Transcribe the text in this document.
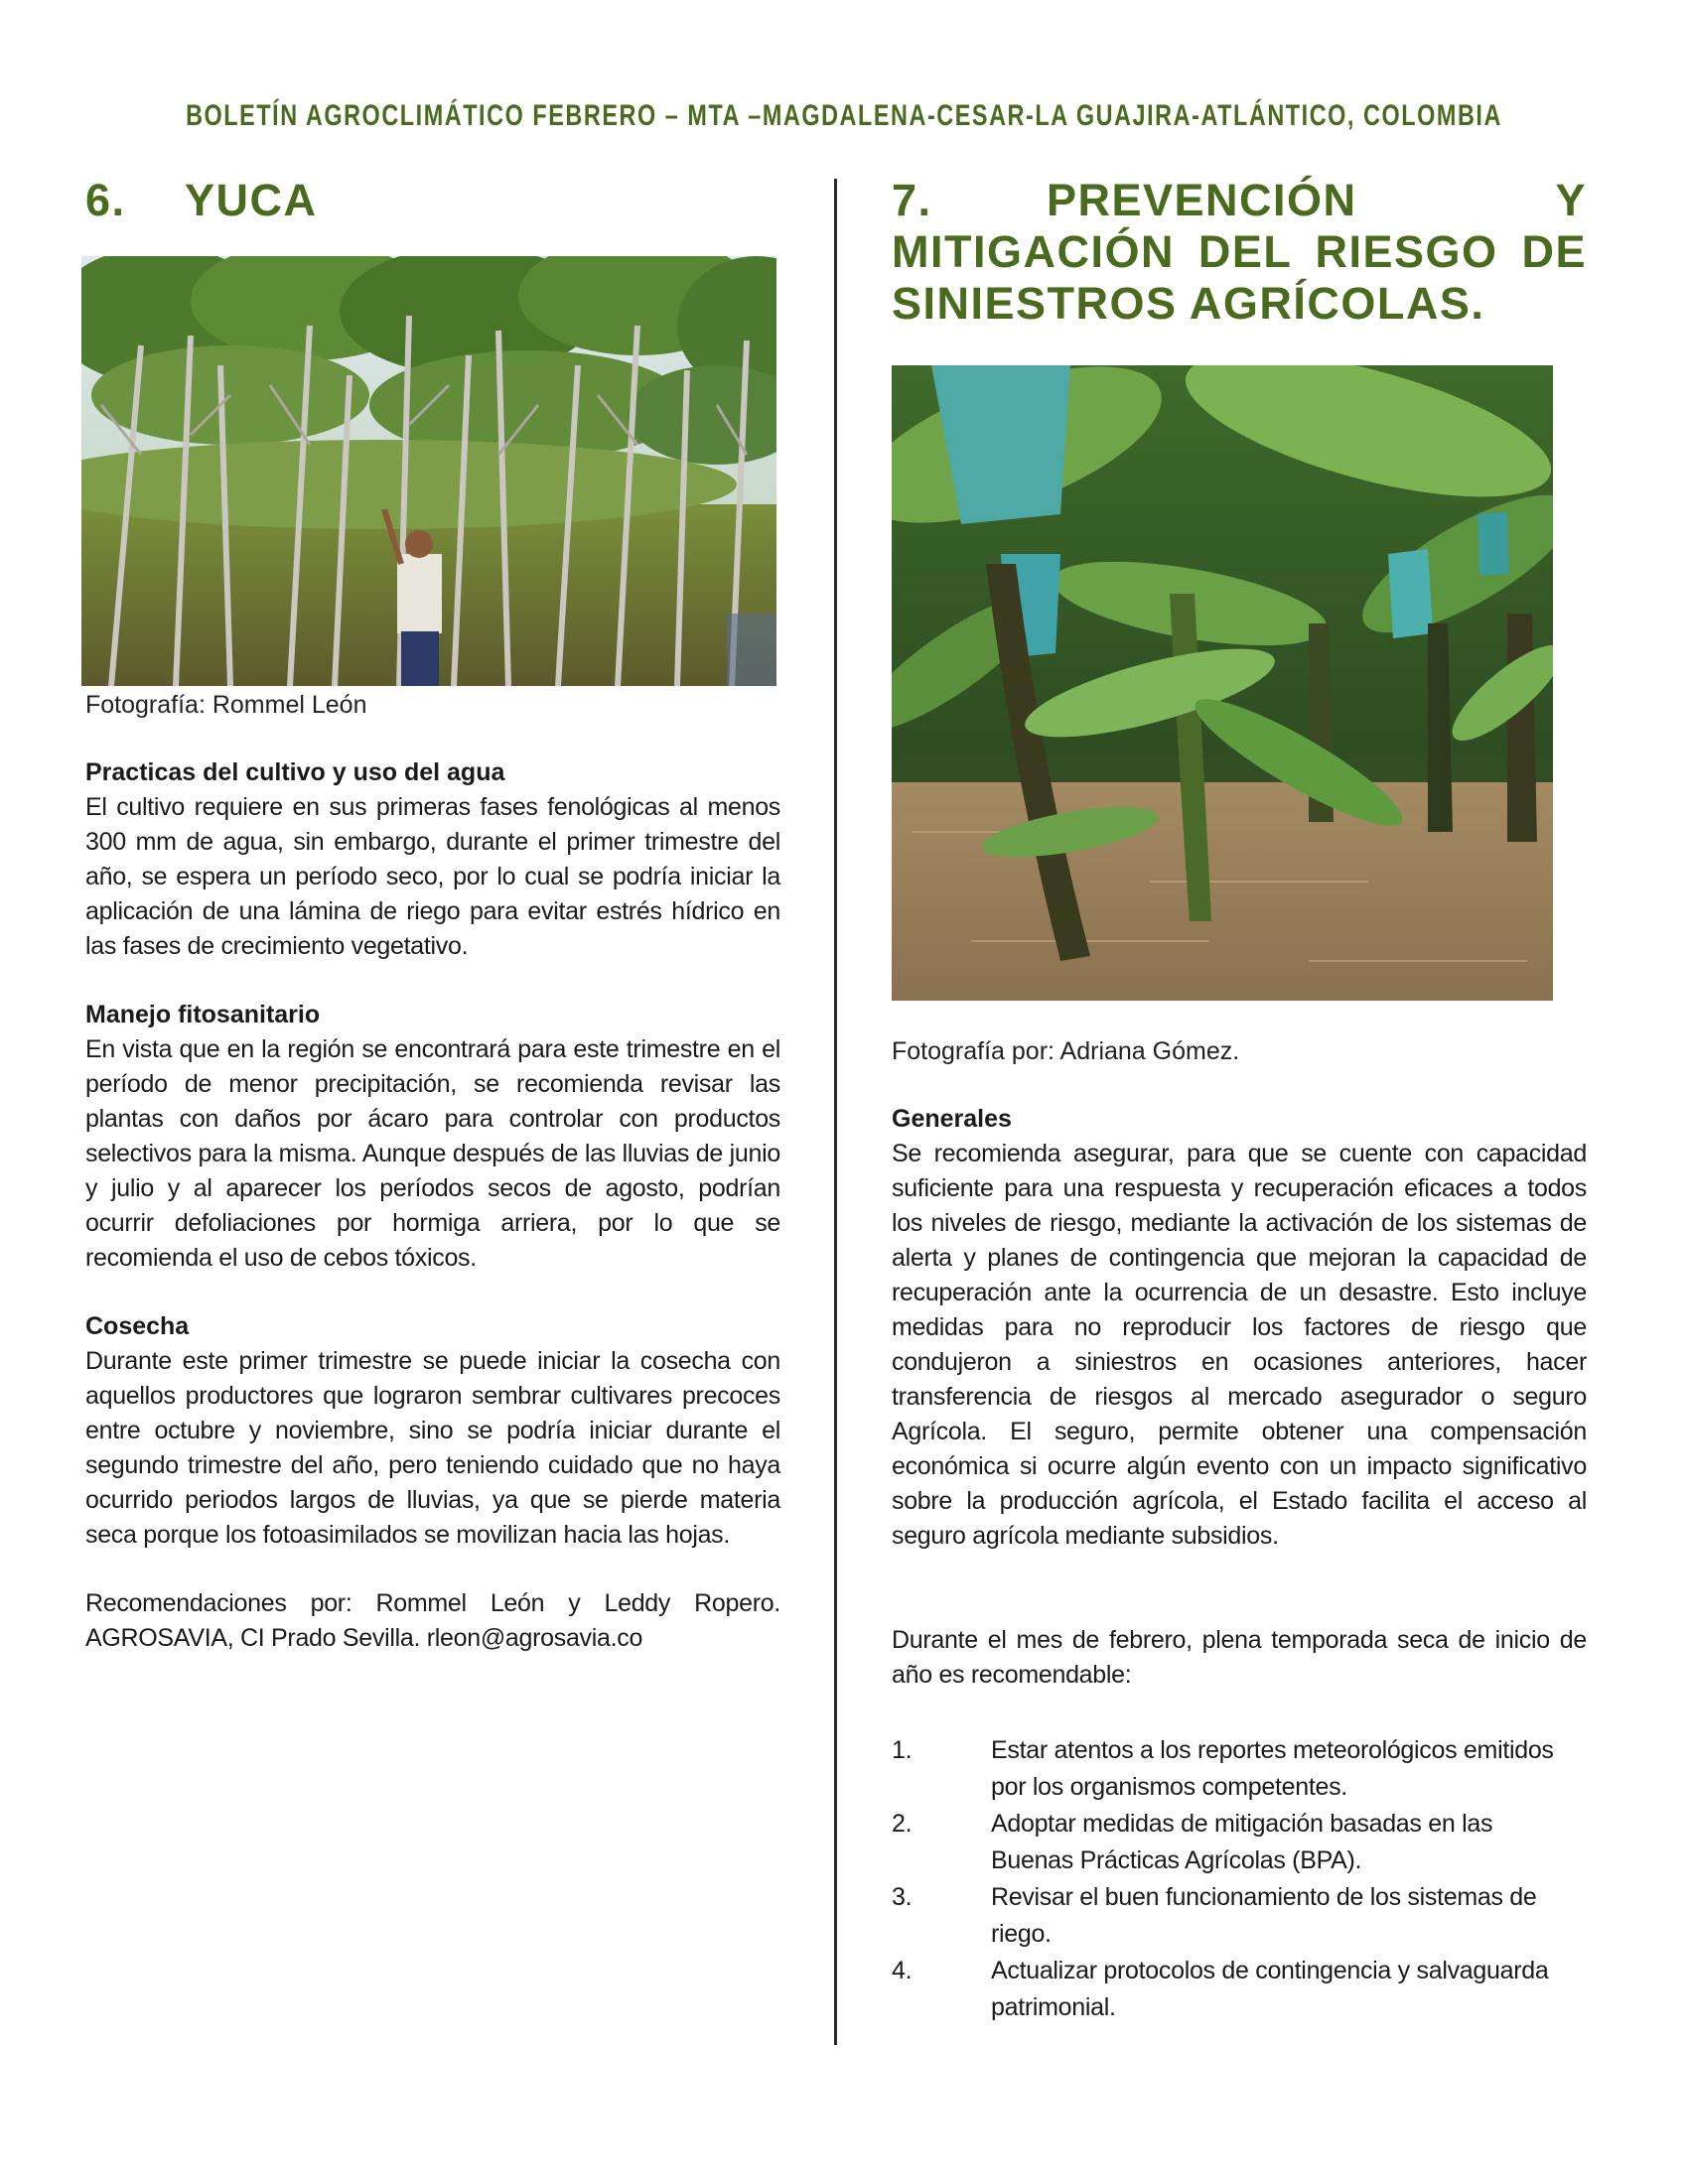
BOLETÍN AGROCLIMÁTICO FEBRERO – MTA –MAGDALENA-CESAR-LA GUAJIRA-ATLÁNTICO, COLOMBIA
6.	YUCA
Fotografía: Rommel León
Practicas del cultivo y uso del agua

El cultivo requiere en sus primeras fases fenológicas al menos 300 mm de agua, sin embargo, durante el primer trimestre del año, se espera un período seco, por lo cual se podría iniciar la aplicación de una lámina de riego para evitar estrés hídrico en las fases de crecimiento vegetativo.

Manejo fitosanitario

En vista que en la región se encontrará para este trimestre en el período de menor precipitación, se recomienda revisar las plantas con daños por ácaro para controlar con productos selectivos para la misma. Aunque después de las lluvias de junio y julio y al aparecer los períodos secos de agosto, podrían ocurrir defoliaciones por hormiga arriera, por lo que se recomienda el uso de cebos tóxicos.

Cosecha

Durante este primer trimestre se puede iniciar la cosecha con aquellos productores que lograron sembrar cultivares precoces entre octubre y noviembre, sino se podría iniciar durante el segundo trimestre del año, pero teniendo cuidado que no haya ocurrido periodos largos de lluvias, ya que se pierde materia seca porque los fotoasimilados se movilizan hacia las hojas.

Recomendaciones por: Rommel León y Leddy Ropero.
AGROSAVIA, CI Prado Sevilla. rleon@agrosavia.co
7.	PREVENCIÓN	Y
MITIGACIÓN DEL RIESGO DE SINIESTROS AGRÍCOLAS.
Fotografía por: Adriana Gómez.
Generales

Se recomienda asegurar, para que se cuente con capacidad suficiente para una respuesta y recuperación eficaces a todos los niveles de riesgo, mediante la activación de los sistemas de alerta y planes de contingencia que mejoran la capacidad de recuperación ante la ocurrencia de un desastre. Esto incluye medidas para no reproducir los factores de riesgo que condujeron a siniestros en ocasiones anteriores, hacer transferencia de riesgos al mercado asegurador o seguro Agrícola. El seguro, permite obtener una compensación económica si ocurre algún evento con un impacto significativo sobre la producción agrícola, el Estado facilita el acceso al seguro agrícola mediante subsidios.

Durante el mes de febrero, plena temporada seca de inicio de año es recomendable:

1.	Estar atentos a los reportes meteorológicos emitidos por los organismos competentes.
2.	Adoptar medidas de mitigación basadas en las Buenas Prácticas Agrícolas (BPA).
3.	Revisar el buen funcionamiento de los sistemas de riego.
4.	Actualizar protocolos de contingencia y salvaguarda patrimonial.
